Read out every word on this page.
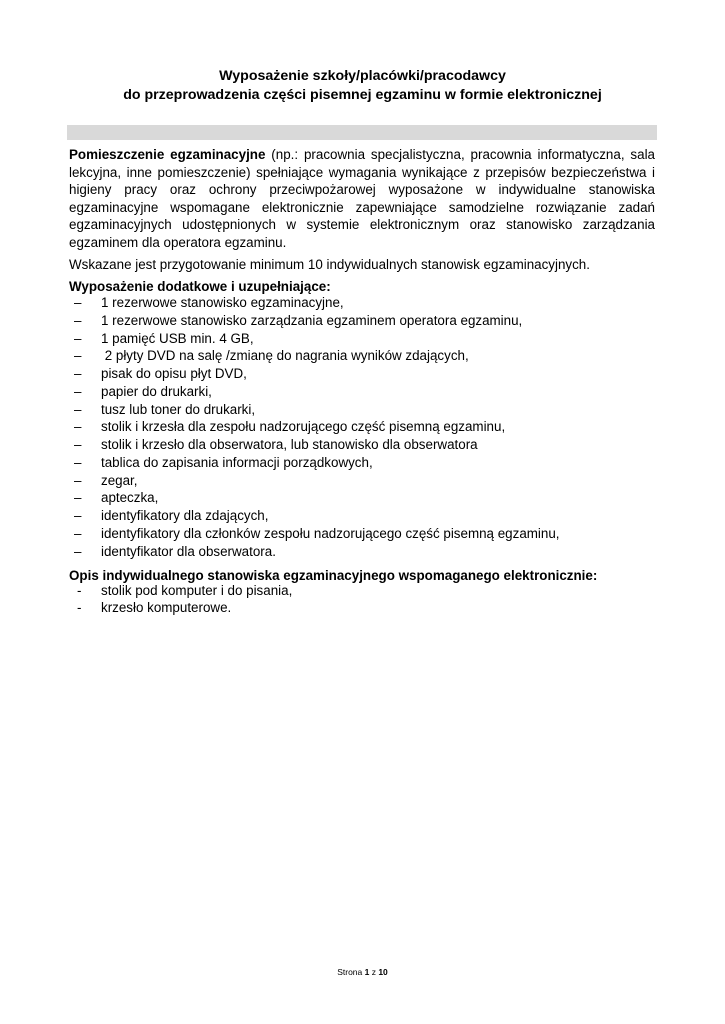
Wyposażenie szkoły/placówki/pracodawcy
do przeprowadzenia części pisemnej egzaminu w formie elektronicznej

Pomieszczenie egzaminacyjne (np.: pracownia specjalistyczna, pracownia informatyczna, sala lekcyjna, inne pomieszczenie) spełniające wymagania wynikające z przepisów bezpieczeństwa i higieny pracy oraz ochrony przeciwpożarowej wyposażone w indywidualne stanowiska egzaminacyjne wspomagane elektronicznie zapewniające samodzielne rozwiązanie zadań egzaminacyjnych udostępnionych w systemie elektronicznym oraz stanowisko zarządzania egzaminem dla operatora egzaminu.

Wskazane jest przygotowanie minimum 10 indywidualnych stanowisk egzaminacyjnych.

Wyposażenie dodatkowe i uzupełniające:
– 1 rezerwowe stanowisko egzaminacyjne,
– 1 rezerwowe stanowisko zarządzania egzaminem operatora egzaminu,
– 1 pamięć USB min. 4 GB,
– 2 płyty DVD na salę /zmianę do nagrania wyników zdających,
– pisak do opisu płyt DVD,
– papier do drukarki,
– tusz lub toner do drukarki,
– stolik i krzesła dla zespołu nadzorującego część pisemną egzaminu,
– stolik i krzesło dla obserwatora, lub stanowisko dla obserwatora
– tablica do zapisania informacji porządkowych,
– zegar,
– apteczka,
– identyfikatory dla zdających,
– identyfikatory dla członków zespołu nadzorującego część pisemną egzaminu,
– identyfikator dla obserwatora.
Opis indywidualnego stanowiska egzaminacyjnego wspomaganego elektronicznie:
- stolik pod komputer i do pisania,
- krzesło komputerowe.
Strona 1 z 10
